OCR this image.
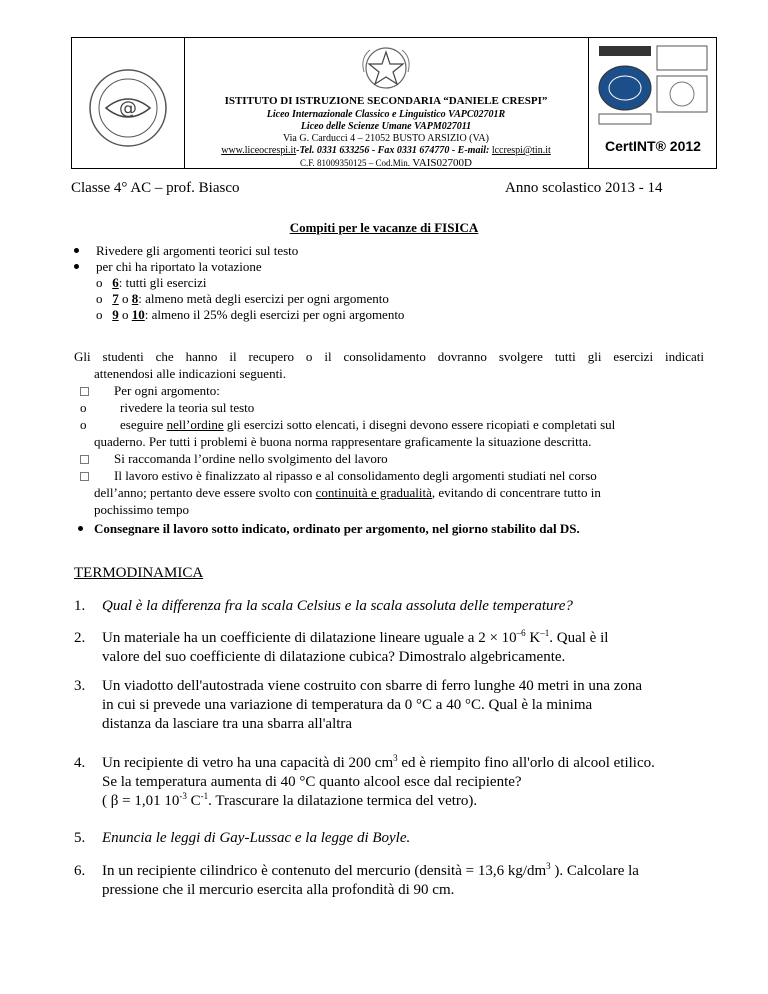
@	ISTITUTO DI ISTRUZIONE SECONDARIA “DANIELE CRESPI”
Liceo Internazionale Classico e Linguistico VAPC02701R
Liceo delle Scienze Umane VAPM027011
Via G. Carducci 4 – 21052 BUSTO ARSIZIO (VA)
www.liceocrespi.it-Tel. 0331 633256 - Fax 0331 674770 - E-mail: lccrespi@tin.it
C.F. 81009350125 – Cod.Min. VAIS02700D
CertINT® 2012
Classe 4° AC – prof. Biasco	Anno scolastico 2013 - 14
Compiti per le vacanze di FISICA
Rivedere gli argomenti teorici sul testo
per chi ha riportato la votazione
o   6: tutti gli esercizi
o   7 o 8: almeno metà degli esercizi per ogni argomento
o   9 o 10: almeno il 25% degli esercizi per ogni argomento
Gli studenti che hanno il recupero o il consolidamento dovranno svolgere tutti gli esercizi indicati
attenendosi alle indicazioni seguenti.
Per ogni argomento:
o	rivedere la teoria sul testo
o	eseguire nell’ordine gli esercizi sotto elencati, i disegni devono essere ricopiati e completati sul
quaderno. Per tutti i problemi è buona norma rappresentare graficamente la situazione descritta.
Si raccomanda l’ordine nello svolgimento del lavoro
Il lavoro estivo è finalizzato al ripasso e al consolidamento degli argomenti studiati nel corso
dell’anno; pertanto deve essere svolto con continuità e gradualità, evitando di concentrare tutto in
pochissimo tempo
Consegnare il lavoro sotto indicato, ordinato per argomento, nel giorno stabilito dal DS.
TERMODINAMICA
1. Qual è la differenza fra la scala Celsius e la scala assoluta delle temperature?
2. Un materiale ha un coefficiente di dilatazione lineare uguale a $2 \times 10^{-6}$ $K^{-1}$. Qual è il
valore del suo coefficiente di dilatazione cubica? Dimostralo algebricamente.
3. Un viadotto dell'autostrada viene costruito con sbarre di ferro lunghe 40 metri in una zona
in cui si prevede una variazione di temperatura da 0 °C a 40 °C. Qual è la minima
distanza da lasciare tra una sbarra all'altra
4. Un recipiente di vetro ha una capacità di 200 $cm^3$ ed è riempito fino all'orlo di alcool etilico.
Se la temperatura aumenta di 40 °C quanto alcool esce dal recipiente?
( β = 1,01 $10^{-3}$ $C^{-1}$. Trascurare la dilatazione termica del vetro).
5. Enuncia le leggi di Gay-Lussac e la legge di Boyle.
6. In un recipiente cilindrico è contenuto del mercurio (densità = 13,6 $kg/dm^3$ ). Calcolare la
pressione che il mercurio esercita alla profondità di 90 cm.
